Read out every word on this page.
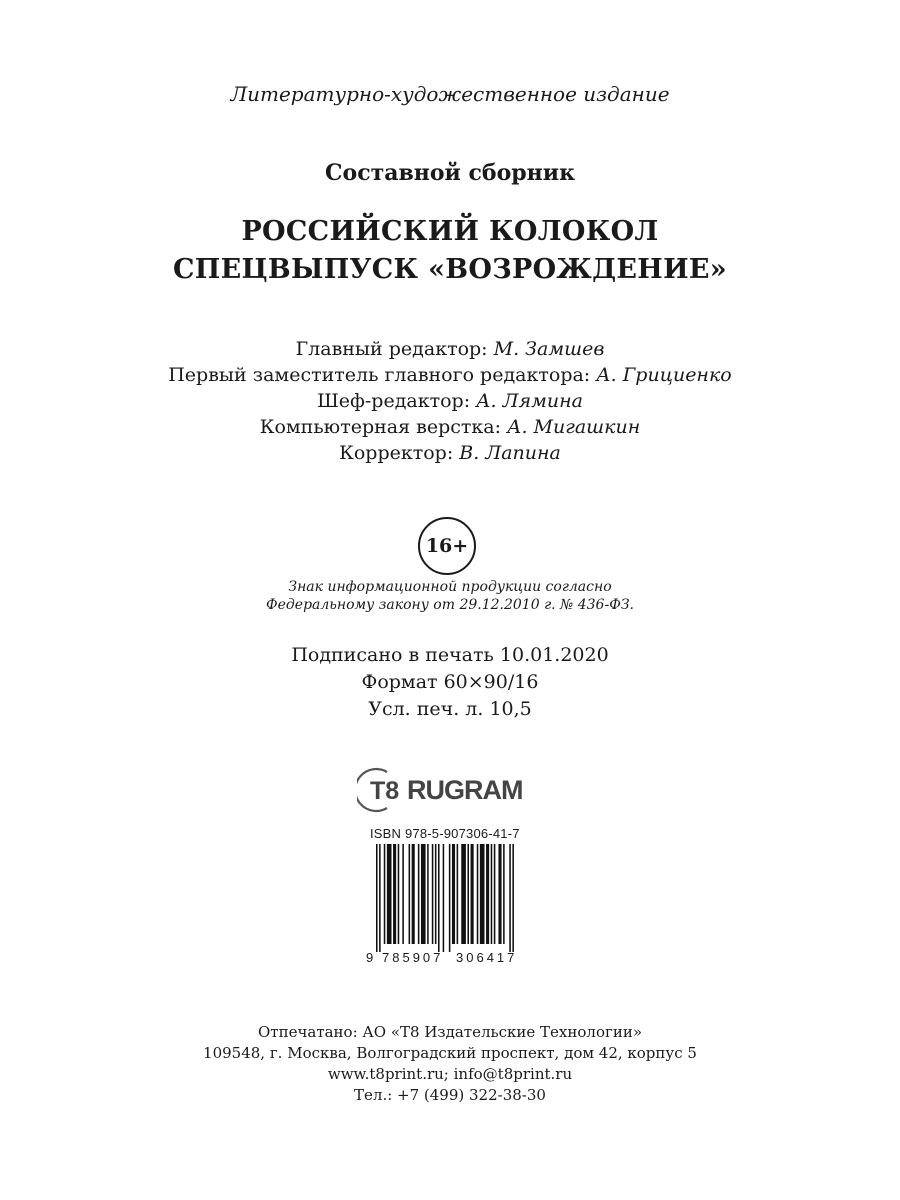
Литературно-художественное издание
Составной сборник
РОССИЙСКИЙ КОЛОКОЛ
СПЕЦВЫПУСК «ВОЗРОЖДЕНИЕ»
Главный редактор: М. Замшев
Первый заместитель главного редактора: А. Грициенко
Шеф-редактор: А. Лямина
Компьютерная верстка: А. Мигашкин
Корректор: В. Лапина
16+
Знак информационной продукции согласно
Федеральному закону от 29.12.2010 г. № 436-ФЗ.
Подписано в печать 10.01.2020
Формат 60×90/16
Усл. печ. л. 10,5
T8 RUGRAM
ISBN 978-5-907306-41-7
9 785907 306417
Отпечатано: АО «Т8 Издательские Технологии»
109548, г. Москва, Волгоградский проспект, дом 42, корпус 5
www.t8print.ru; info@t8print.ru
Тел.: +7 (499) 322-38-30
